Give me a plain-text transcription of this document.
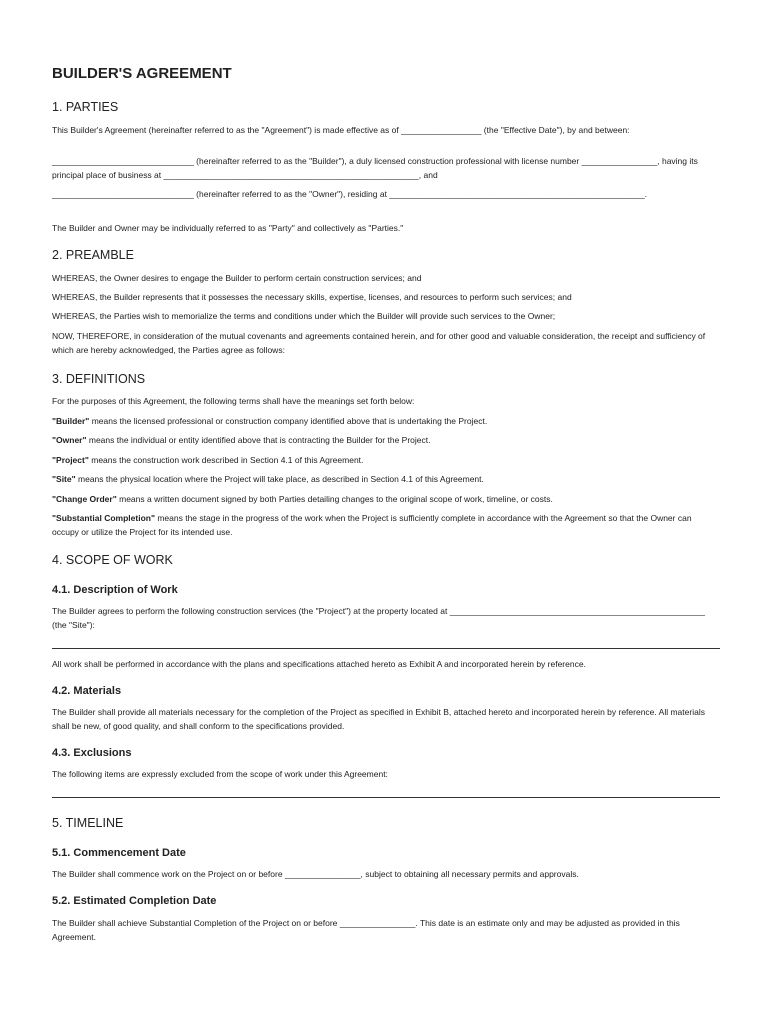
BUILDER'S AGREEMENT
1. PARTIES

This Builder's Agreement (hereinafter referred to as the "Agreement") is made effective as of _________________ (the "Effective Date"), by and between:

______________________________ (hereinafter referred to as the "Builder"), a duly licensed construction professional with license number ________________, having its principal place of business at ______________________________________________________, and

______________________________ (hereinafter referred to as the "Owner"), residing at ______________________________________________________.

The Builder and Owner may be individually referred to as "Party" and collectively as "Parties."

2. PREAMBLE

WHEREAS, the Owner desires to engage the Builder to perform certain construction services; and

WHEREAS, the Builder represents that it possesses the necessary skills, expertise, licenses, and resources to perform such services; and

WHEREAS, the Parties wish to memorialize the terms and conditions under which the Builder will provide such services to the Owner;

NOW, THEREFORE, in consideration of the mutual covenants and agreements contained herein, and for other good and valuable consideration, the receipt and sufficiency of which are hereby acknowledged, the Parties agree as follows:

3. DEFINITIONS

For the purposes of this Agreement, the following terms shall have the meanings set forth below:

"Builder" means the licensed professional or construction company identified above that is undertaking the Project.

"Owner" means the individual or entity identified above that is contracting the Builder for the Project.

"Project" means the construction work described in Section 4.1 of this Agreement.

"Site" means the physical location where the Project will take place, as described in Section 4.1 of this Agreement.

"Change Order" means a written document signed by both Parties detailing changes to the original scope of work, timeline, or costs.

"Substantial Completion" means the stage in the progress of the work when the Project is sufficiently complete in accordance with the Agreement so that the Owner can occupy or utilize the Project for its intended use.

4. SCOPE OF WORK
4.1. Description of Work

The Builder agrees to perform the following construction services (the "Project") at the property located at ______________________________________________________ (the "Site"):

All work shall be performed in accordance with the plans and specifications attached hereto as Exhibit A and incorporated herein by reference.

4.2. Materials

The Builder shall provide all materials necessary for the completion of the Project as specified in Exhibit B, attached hereto and incorporated herein by reference. All materials shall be new, of good quality, and shall conform to the specifications provided.

4.3. Exclusions

The following items are expressly excluded from the scope of work under this Agreement:

5. TIMELINE
5.1. Commencement Date

The Builder shall commence work on the Project on or before ________________, subject to obtaining all necessary permits and approvals.

5.2. Estimated Completion Date

The Builder shall achieve Substantial Completion of the Project on or before ________________. This date is an estimate only and may be adjusted as provided in this Agreement.
